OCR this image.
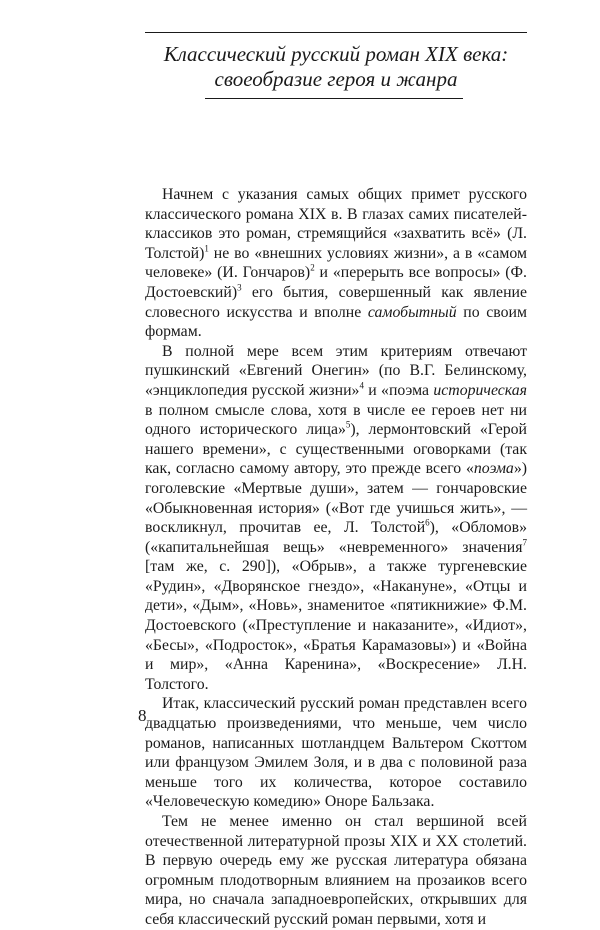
Классический русский роман XIX века:
своеобразие героя и жанра

Начнем с указания самых общих примет русского классического романа XIX в. В глазах самих писателей-классиков это роман, стремящийся «захватить всё» (Л. Толстой)$^1$ не во «внешних условиях жизни», а в «самом человеке» (И. Гончаров)$^2$ и «перерыть все вопросы» (Ф. Достоевский)$^3$ его бытия, совершенный как явление словесного искусства и вполне самобытный по своим формам.

В полной мере всем этим критериям отвечают пушкинский «Евгений Онегин» (по В.Г. Белинскому, «энциклопедия русской жизни»$^4$ и «поэма историческая в полном смысле слова, хотя в числе ее героев нет ни одного исторического лица»$^5$), лермонтовский «Герой нашего времени», с существенными оговорками (так как, согласно самому автору, это прежде всего «поэма») гоголевские «Мертвые души», затем — гончаровские «Обыкновенная история» («Вот где учишься жить», — воскликнул, прочитав ее, Л. Толстой$^6$), «Обломов» («капитальнейшая вещь» «невременного» значения$^7$ [там же, с. 290]), «Обрыв», а также тургеневские «Рудин», «Дворянское гнездо», «Накануне», «Отцы и дети», «Дым», «Новь», знаменитое «пятикнижие» Ф.М. Достоевского («Преступление и наказаните», «Идиот», «Бесы», «Подросток», «Братья Карамазовы») и «Война и мир», «Анна Каренина», «Воскресение» Л.Н. Толстого.

Итак, классический русский роман представлен всего двадцатью произведениями, что меньше, чем число романов, написанных шотландцем Вальтером Скоттом или французом Эмилем Золя, и в два с половиной раза меньше того их количества, которое составило «Человеческую комедию» Оноре Бальзака.

Тем не менее именно он стал вершиной всей отечественной литературной прозы XIX и XX столетий. В первую очередь ему же русская литература обязана огромным плодотворным влиянием на прозаиков всего мира, но сначала западноевропейских, открывших для себя классический русский роман первыми, хотя и

8
